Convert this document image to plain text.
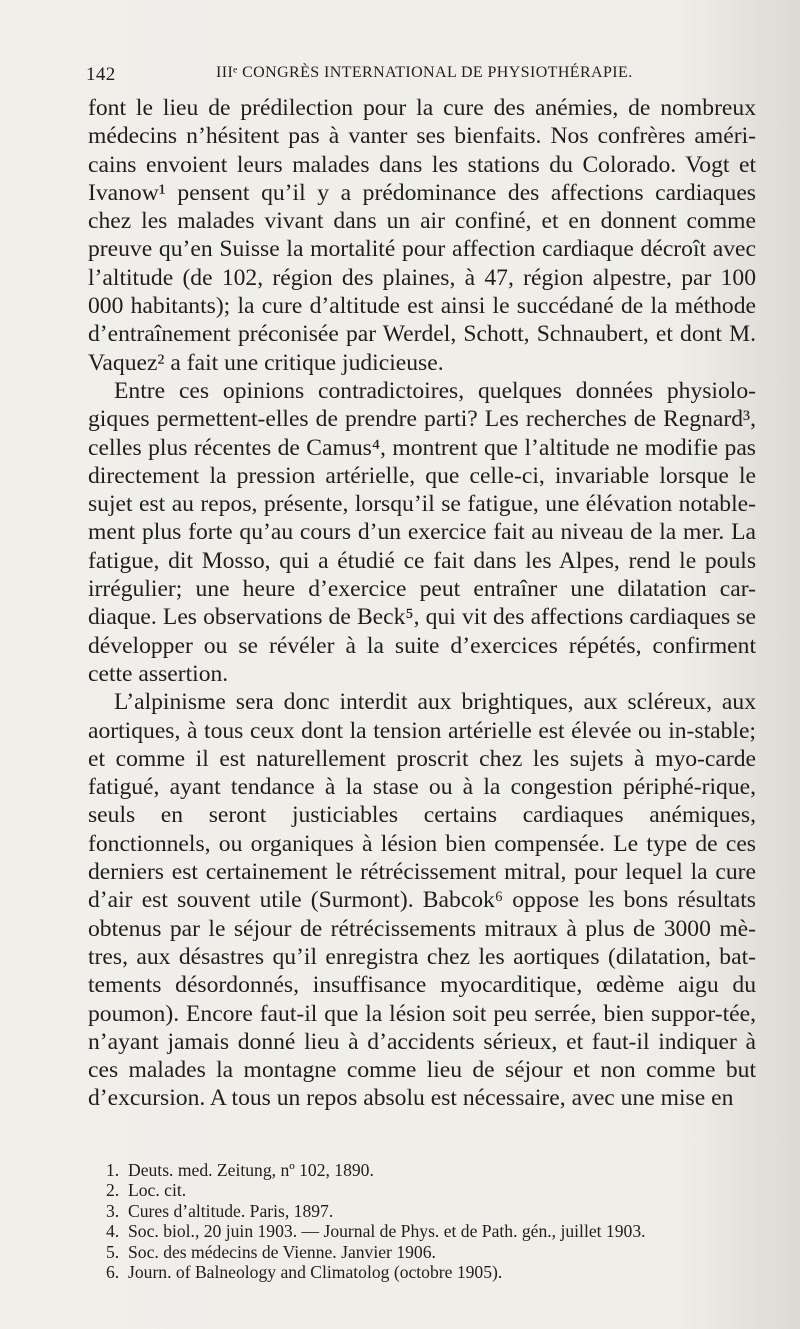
142	IIIᵉ CONGRÈS INTERNATIONAL DE PHYSIOTHÉRAPIE.

font le lieu de prédilection pour la cure des anémies, de nombreux médecins n’hésitent pas à vanter ses bienfaits. Nos confrères améri-cains envoient leurs malades dans les stations du Colorado. Vogt et Ivanow¹ pensent qu’il y a prédominance des affections cardiaques chez les malades vivant dans un air confiné, et en donnent comme preuve qu’en Suisse la mortalité pour affection cardiaque décroît avec l’altitude (de 102, région des plaines, à 47, région alpestre, par 100 000 habitants); la cure d’altitude est ainsi le succédané de la méthode d’entraînement préconisée par Werdel, Schott, Schnaubert, et dont M. Vaquez² a fait une critique judicieuse.

Entre ces opinions contradictoires, quelques données physiolo-giques permettent-elles de prendre parti? Les recherches de Regnard³, celles plus récentes de Camus⁴, montrent que l’altitude ne modifie pas directement la pression artérielle, que celle-ci, invariable lorsque le sujet est au repos, présente, lorsqu’il se fatigue, une élévation notable-ment plus forte qu’au cours d’un exercice fait au niveau de la mer. La fatigue, dit Mosso, qui a étudié ce fait dans les Alpes, rend le pouls irrégulier; une heure d’exercice peut entraîner une dilatation car-diaque. Les observations de Beck⁵, qui vit des affections cardiaques se développer ou se révéler à la suite d’exercices répétés, confirment cette assertion.

L’alpinisme sera donc interdit aux brightiques, aux scléreux, aux aortiques, à tous ceux dont la tension artérielle est élevée ou in-stable; et comme il est naturellement proscrit chez les sujets à myo-carde fatigué, ayant tendance à la stase ou à la congestion périphé-rique, seuls en seront justiciables certains cardiaques anémiques, fonctionnels, ou organiques à lésion bien compensée. Le type de ces derniers est certainement le rétrécissement mitral, pour lequel la cure d’air est souvent utile (Surmont). Babcok⁶ oppose les bons résultats obtenus par le séjour de rétrécissements mitraux à plus de 3000 mè-tres, aux désastres qu’il enregistra chez les aortiques (dilatation, bat-tements désordonnés, insuffisance myocarditique, œdème aigu du poumon). Encore faut-il que la lésion soit peu serrée, bien suppor-tée, n’ayant jamais donné lieu à d’accidents sérieux, et faut-il indiquer à ces malades la montagne comme lieu de séjour et non comme but d’excursion. A tous un repos absolu est nécessaire, avec une mise en

1. Deuts. med. Zeitung, nº 102, 1890.
2. Loc. cit.
3. Cures d’altitude. Paris, 1897.
4. Soc. biol., 20 juin 1903. — Journal de Phys. et de Path. gén., juillet 1903.
5. Soc. des médecins de Vienne. Janvier 1906.
6. Journ. of Balneology and Climatolog (octobre 1905).
